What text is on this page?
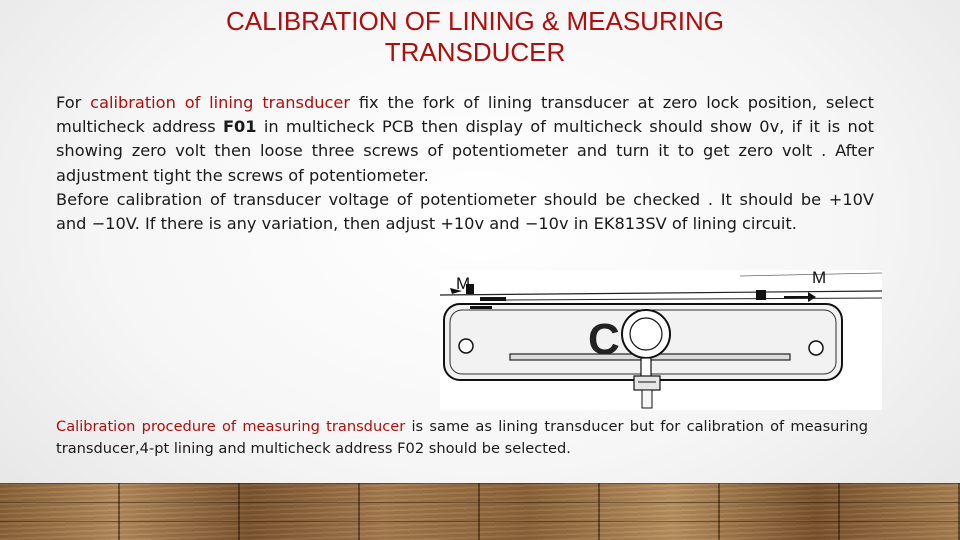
CALIBRATION OF LINING & MEASURING
TRANSDUCER

For calibration of lining transducer fix the fork of lining transducer at zero lock position, select multicheck address F01 in multicheck PCB then display of multicheck should show 0v, if it is not showing zero volt then loose three screws of potentiometer and turn it to get zero volt . After adjustment tight the screws of potentiometer.

Before calibration of transducer voltage of potentiometer should be checked . It should be +10V and −10V. If there is any variation, then adjust +10v and −10v in EK813SV of lining circuit.

M	M
C

Calibration procedure of measuring transducer is same as lining transducer but for calibration of measuring transducer,4-pt lining and multicheck address F02 should be selected.
